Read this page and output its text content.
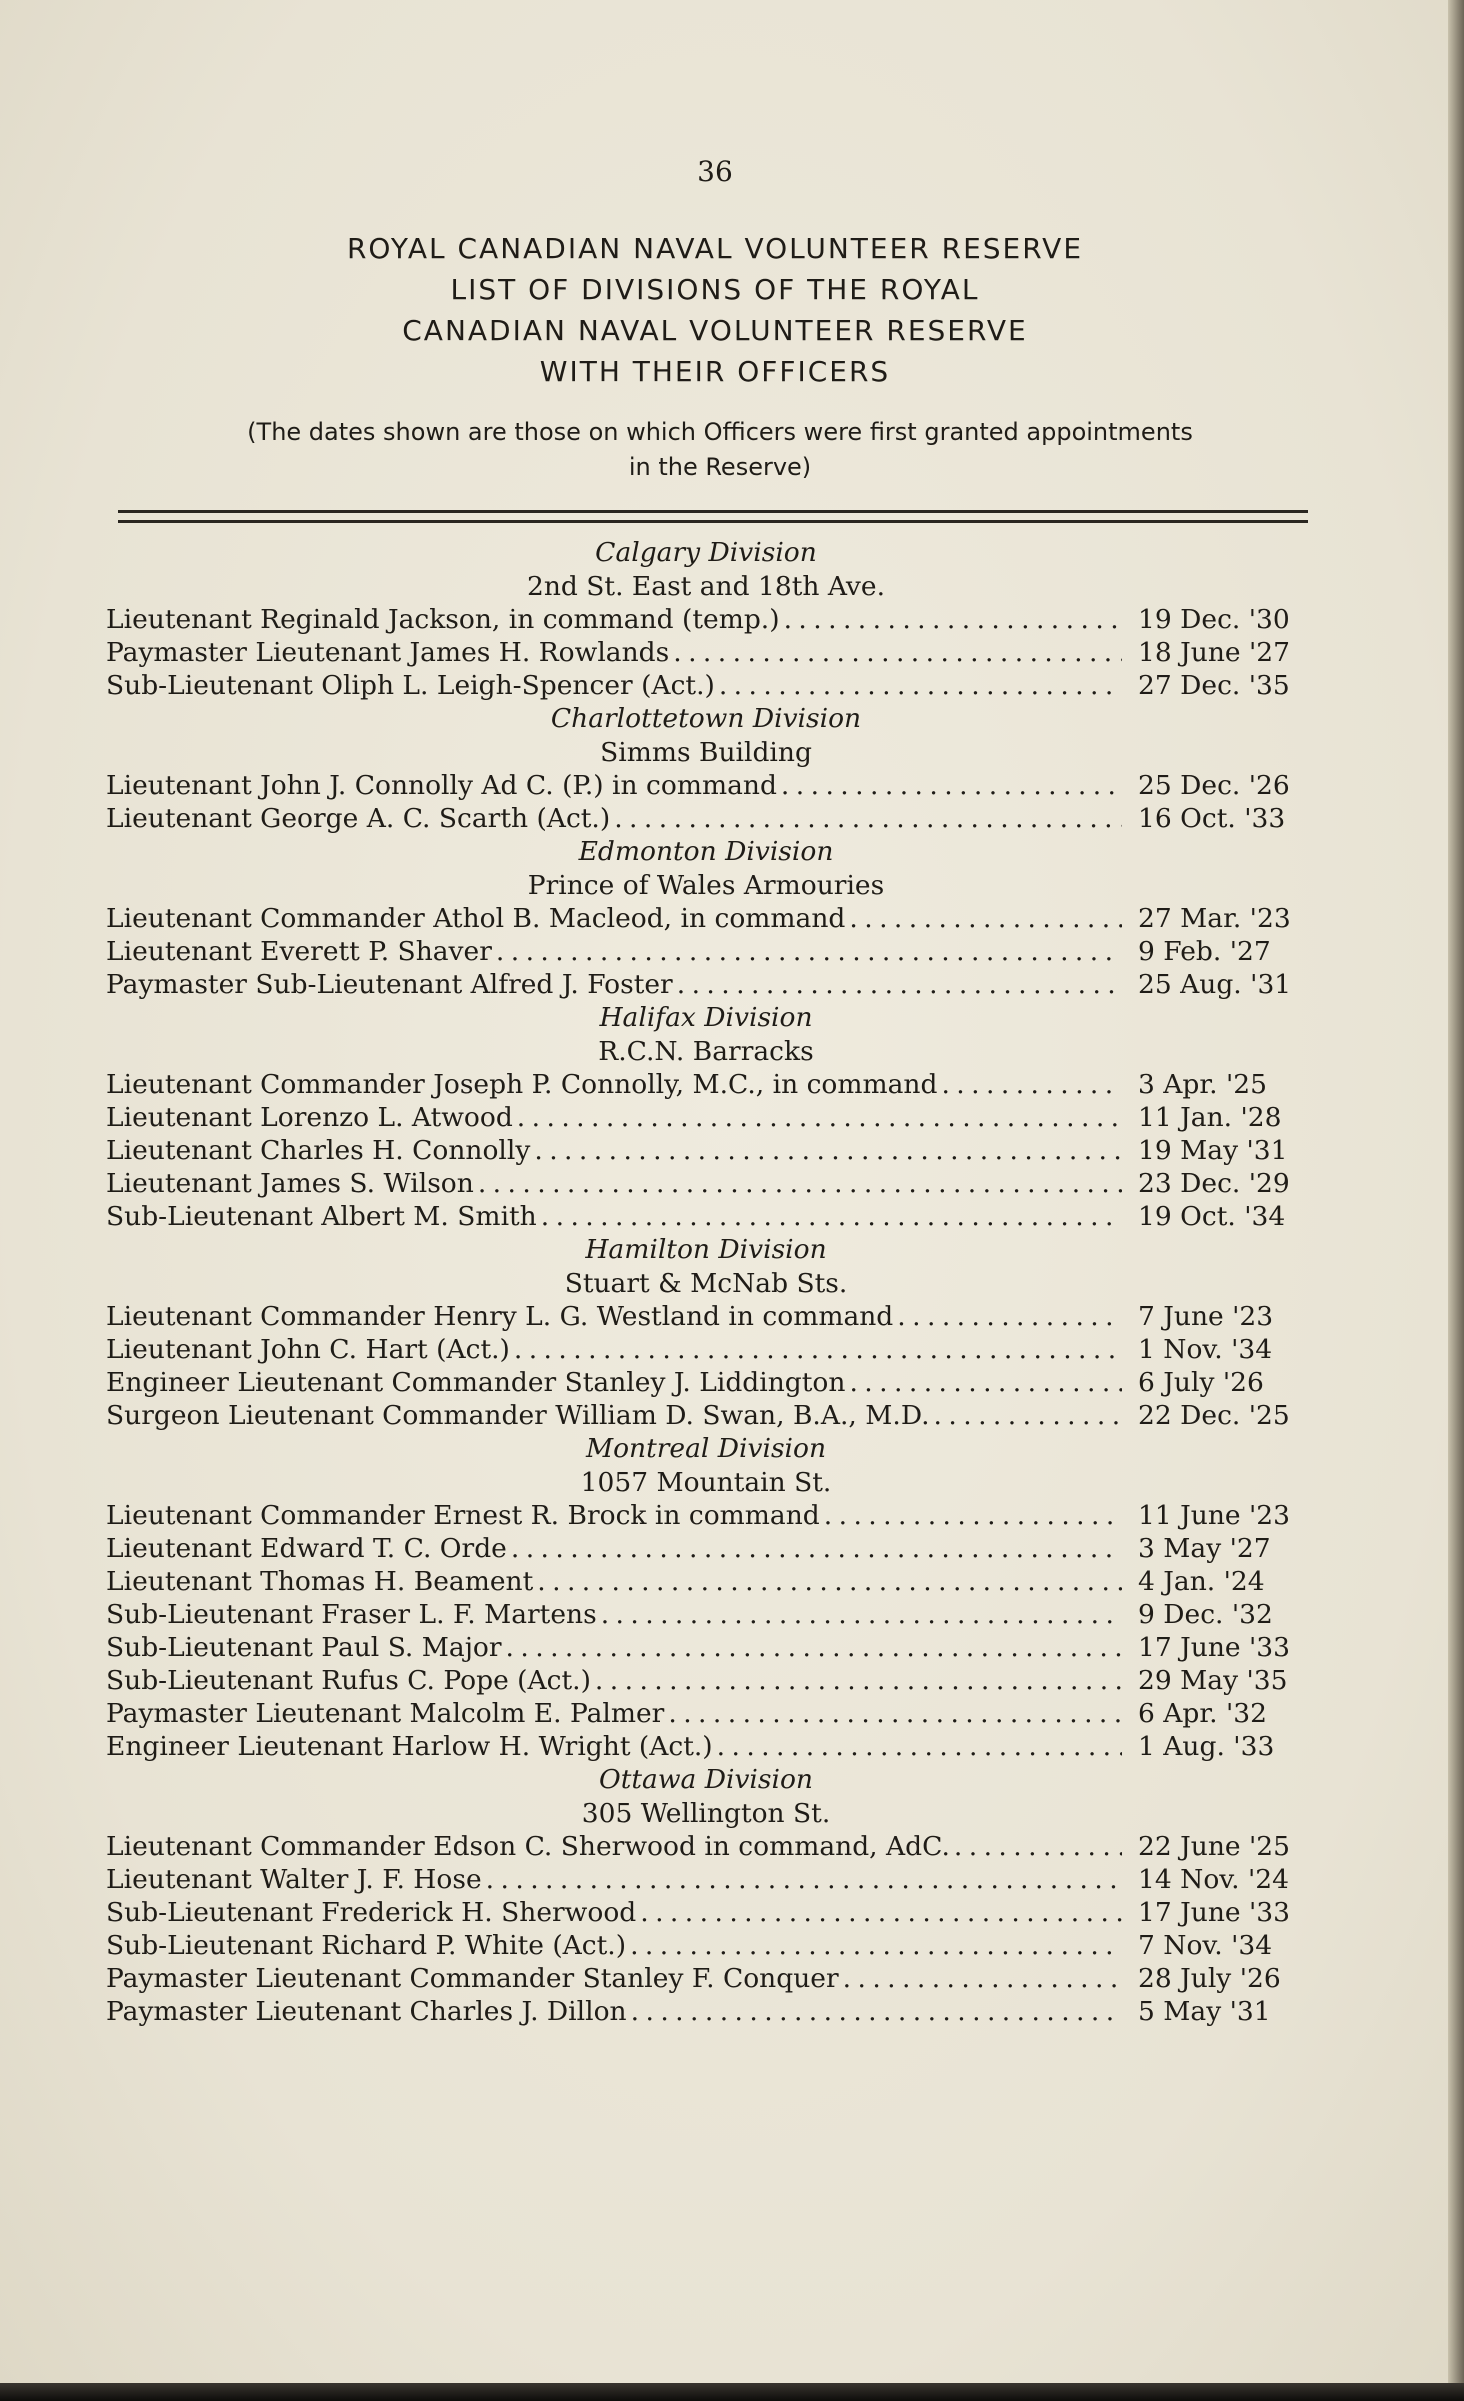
36
ROYAL CANADIAN NAVAL VOLUNTEER RESERVE
LIST OF DIVISIONS OF THE ROYAL
CANADIAN NAVAL VOLUNTEER RESERVE
WITH THEIR OFFICERS
(The dates shown are those on which Officers were first granted appointments
in the Reserve)
Calgary Division
2nd St. East and 18th Ave.
Lieutenant Reginald Jackson, in command (temp.) . . .	19 Dec. '30
Paymaster Lieutenant James H. Rowlands . . .	18 June '27
Sub-Lieutenant Oliph L. Leigh-Spencer (Act.) . . .	27 Dec. '35
Charlottetown Division
Simms Building
Lieutenant John J. Connolly Ad C. (P.) in command . . .	25 Dec. '26
Lieutenant George A. C. Scarth (Act.) . . .	16 Oct. '33
Edmonton Division
Prince of Wales Armouries
Lieutenant Commander Athol B. Macleod, in command . . .	27 Mar. '23
Lieutenant Everett P. Shaver . . .	9 Feb. '27
Paymaster Sub-Lieutenant Alfred J. Foster . . .	25 Aug. '31
Halifax Division
R.C.N. Barracks
Lieutenant Commander Joseph P. Connolly, M.C., in command . . .	3 Apr. '25
Lieutenant Lorenzo L. Atwood . . .	11 Jan. '28
Lieutenant Charles H. Connolly . . .	19 May '31
Lieutenant James S. Wilson . . .	23 Dec. '29
Sub-Lieutenant Albert M. Smith . . .	19 Oct. '34
Hamilton Division
Stuart & McNab Sts.
Lieutenant Commander Henry L. G. Westland in command . . .	7 June '23
Lieutenant John C. Hart (Act.) . . .	1 Nov. '34
Engineer Lieutenant Commander Stanley J. Liddington . . .	6 July '26
Surgeon Lieutenant Commander William D. Swan, B.A., M.D. . . .	22 Dec. '25
Montreal Division
1057 Mountain St.
Lieutenant Commander Ernest R. Brock in command . . .	11 June '23
Lieutenant Edward T. C. Orde . . .	3 May '27
Lieutenant Thomas H. Beament . . .	4 Jan. '24
Sub-Lieutenant Fraser L. F. Martens . . .	9 Dec. '32
Sub-Lieutenant Paul S. Major . . .	17 June '33
Sub-Lieutenant Rufus C. Pope (Act.) . . .	29 May '35
Paymaster Lieutenant Malcolm E. Palmer . . .	6 Apr. '32
Engineer Lieutenant Harlow H. Wright (Act.) . . .	1 Aug. '33
Ottawa Division
305 Wellington St.
Lieutenant Commander Edson C. Sherwood in command, AdC. . . .	22 June '25
Lieutenant Walter J. F. Hose . . .	14 Nov. '24
Sub-Lieutenant Frederick H. Sherwood . . .	17 June '33
Sub-Lieutenant Richard P. White (Act.) . . .	7 Nov. '34
Paymaster Lieutenant Commander Stanley F. Conquer . . .	28 July '26
Paymaster Lieutenant Charles J. Dillon . . .	5 May '31
